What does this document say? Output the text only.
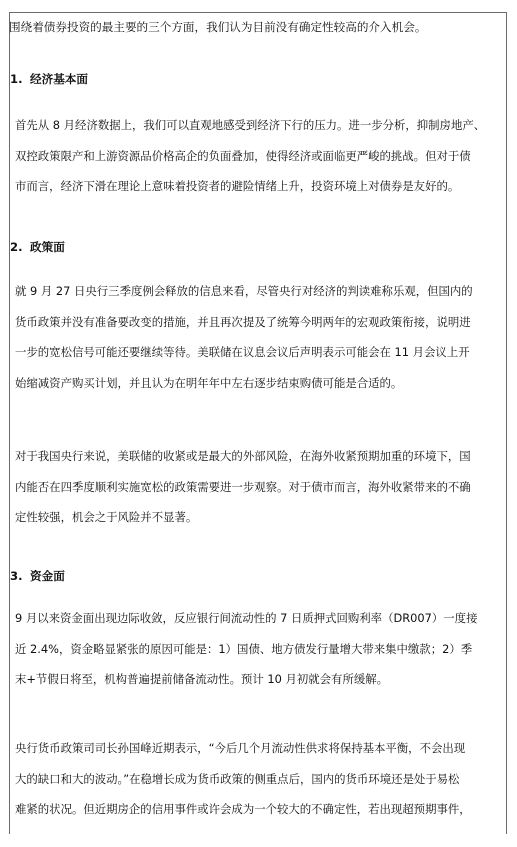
围绕着债券投资的最主要的三个方面，我们认为目前没有确定性较高的介入机会。

1. 经济基本面

首先从 8 月经济数据上，我们可以直观地感受到经济下行的压力。进一步分析，抑制房地产、
双控政策限产和上游资源品价格高企的负面叠加，使得经济或面临更严峻的挑战。但对于债
市而言，经济下滑在理论上意味着投资者的避险情绪上升，投资环境上对债券是友好的。

2. 政策面

就 9 月 27 日央行三季度例会释放的信息来看，尽管央行对经济的判读难称乐观，但国内的
货币政策并没有准备要改变的措施，并且再次提及了统筹今明两年的宏观政策衔接，说明进
一步的宽松信号可能还要继续等待。美联储在议息会议后声明表示可能会在 11 月会议上开
始缩减资产购买计划，并且认为在明年年中左右逐步结束购债可能是合适的。

对于我国央行来说，美联储的收紧或是最大的外部风险，在海外收紧预期加重的环境下，国
内能否在四季度顺利实施宽松的政策需要进一步观察。对于债市而言，海外收紧带来的不确
定性较强，机会之于风险并不显著。

3. 资金面

9 月以来资金面出现边际收敛，反应银行间流动性的 7 日质押式回购利率（DR007）一度接
近 2.4%，资金略显紧张的原因可能是：1）国债、地方债发行量增大带来集中缴款；2）季
末+节假日将至，机构普遍提前储备流动性。预计 10 月初就会有所缓解。

央行货币政策司司长孙国峰近期表示，“今后几个月流动性供求将保持基本平衡，不会出现
大的缺口和大的波动。”在稳增长成为货币政策的侧重点后，国内的货币环境还是处于易松
难紧的状况。但近期房企的信用事件或许会成为一个较大的不确定性，若出现超预期事件，
